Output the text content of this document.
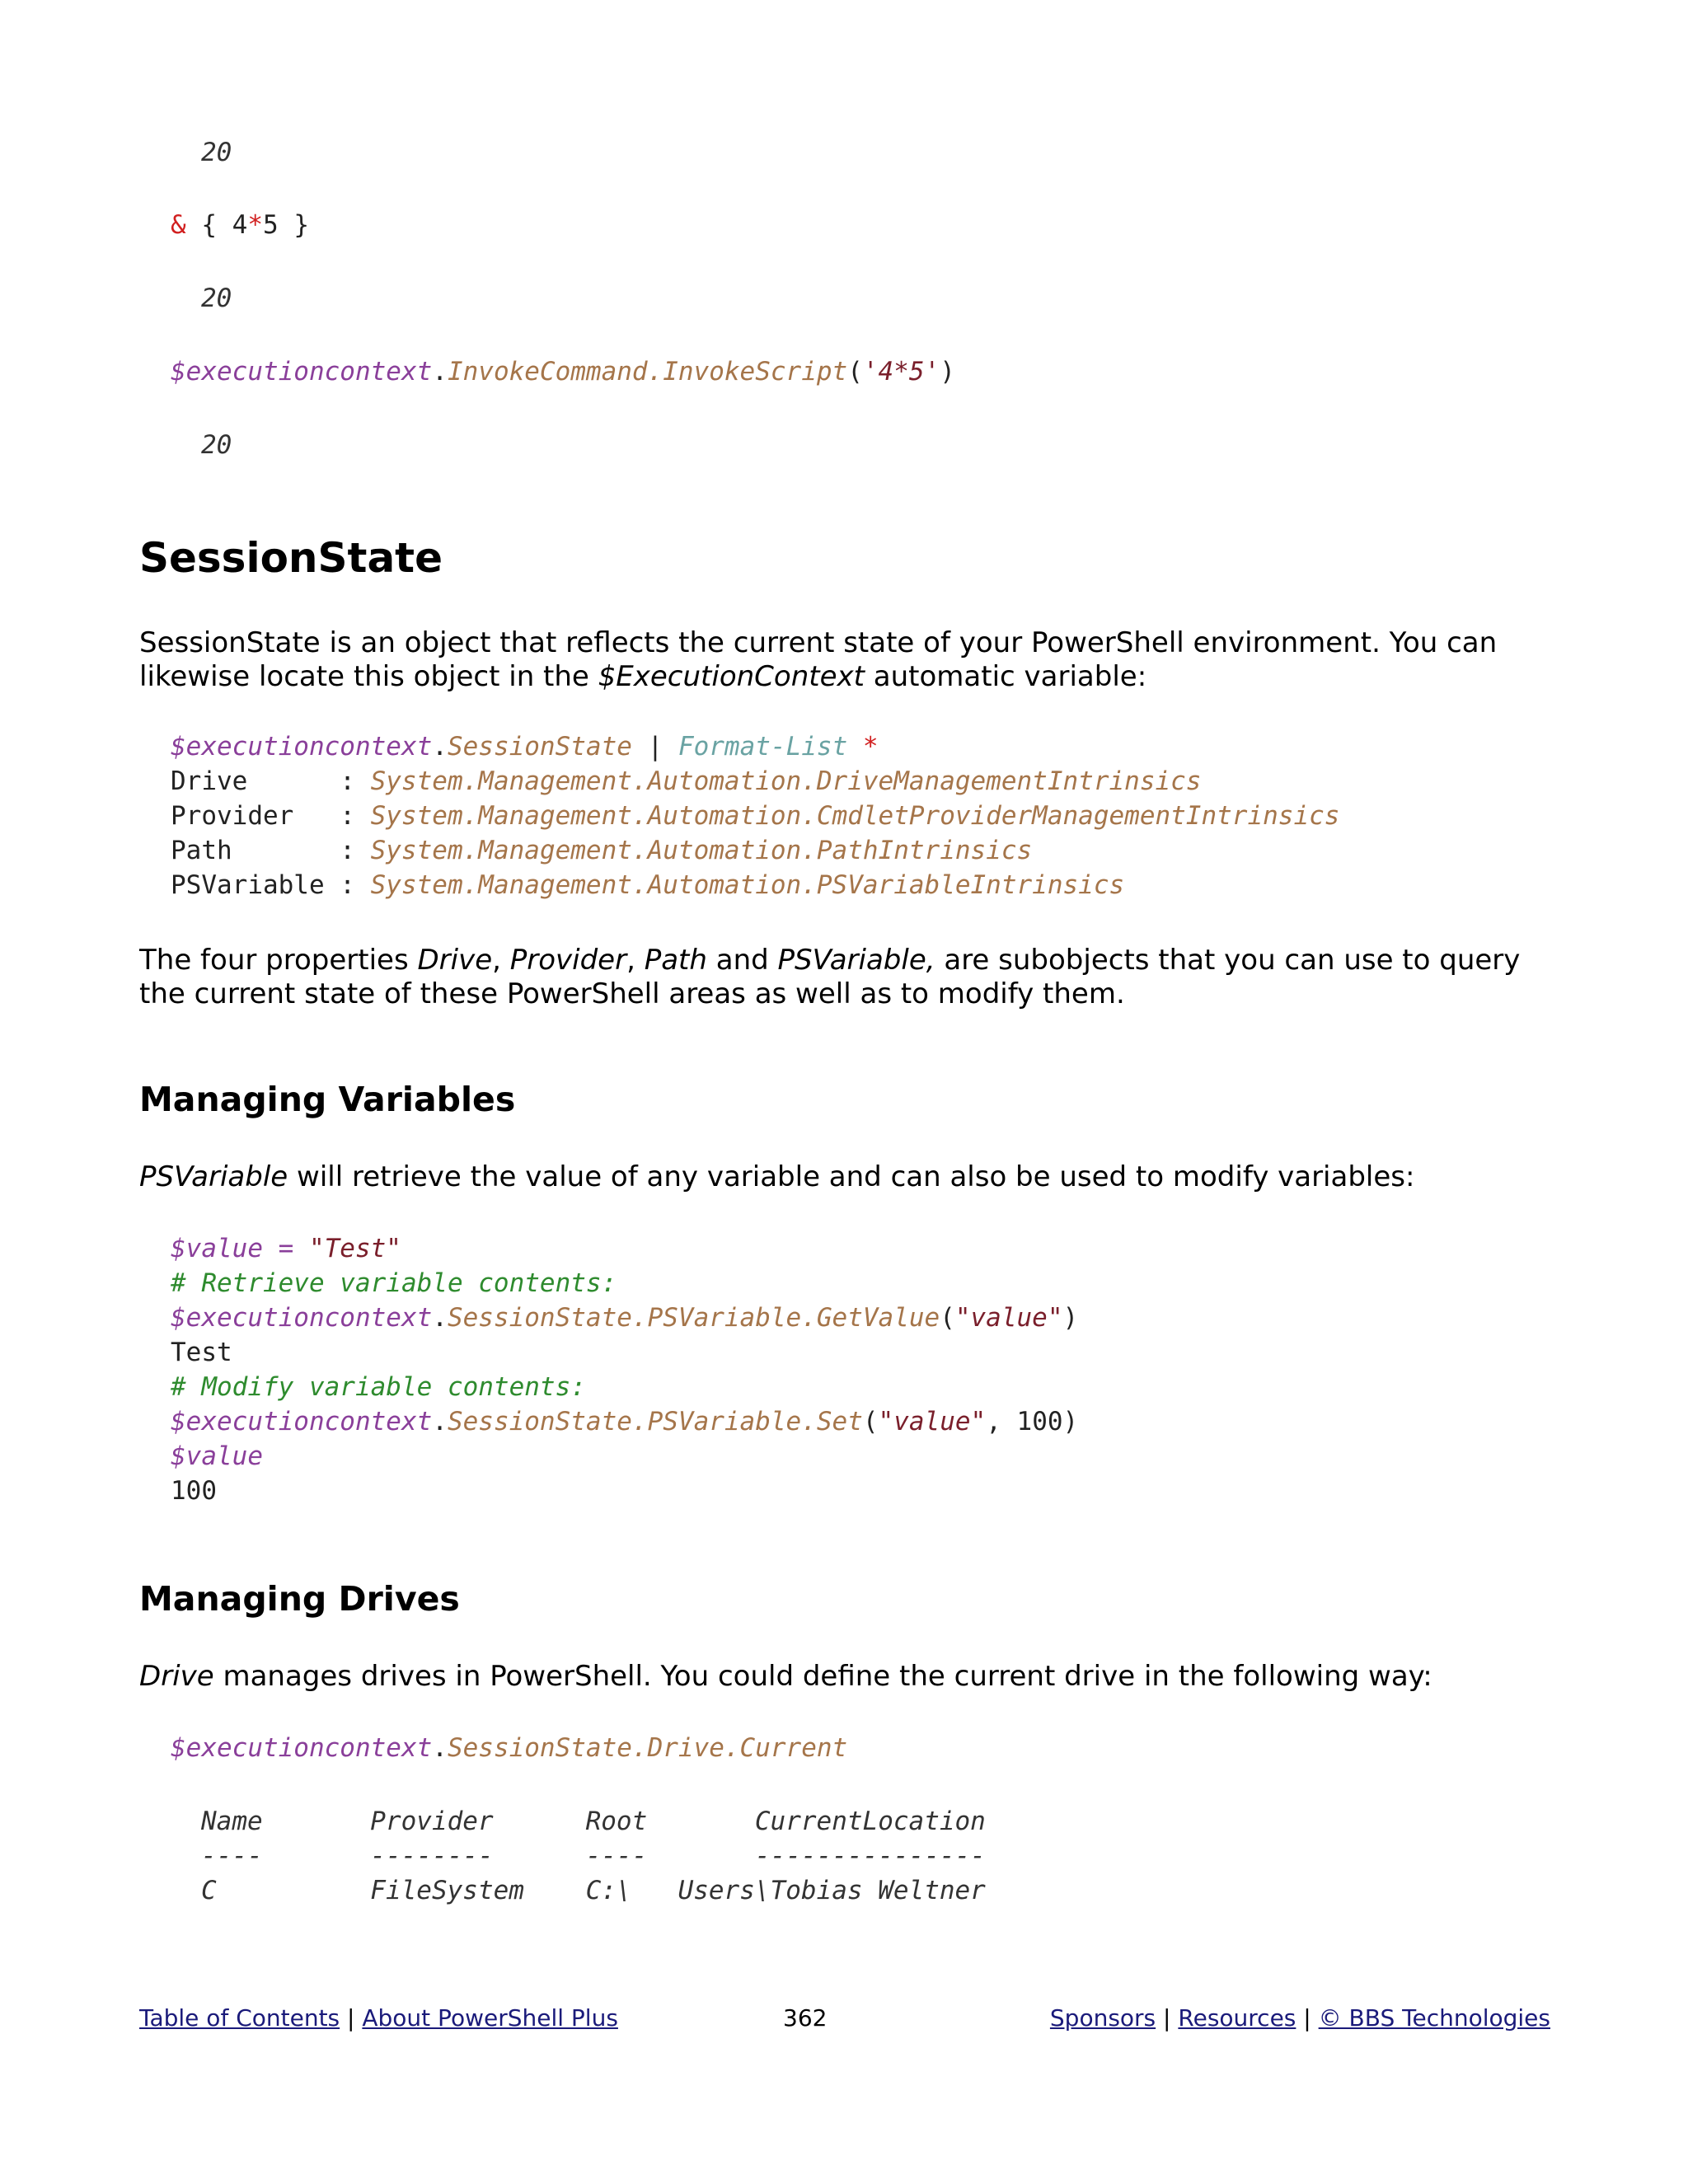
20
& { 4*5 }
20
$executioncontext.InvokeCommand.InvokeScript('4*5')
20
SessionState
SessionState is an object that reflects the current state of your PowerShell environment. You can
likewise locate this object in the $ExecutionContext automatic variable:
$executioncontext.SessionState | Format-List *
Drive      : System.Management.Automation.DriveManagementIntrinsics
Provider   : System.Management.Automation.CmdletProviderManagementIntrinsics
Path       : System.Management.Automation.PathIntrinsics
PSVariable : System.Management.Automation.PSVariableIntrinsics
The four properties Drive, Provider, Path and PSVariable, are subobjects that you can use to query
the current state of these PowerShell areas as well as to modify them.
Managing Variables
PSVariable will retrieve the value of any variable and can also be used to modify variables:
$value = "Test"
# Retrieve variable contents:
$executioncontext.SessionState.PSVariable.GetValue("value")
Test
# Modify variable contents:
$executioncontext.SessionState.PSVariable.Set("value", 100)
$value
100
Managing Drives
Drive manages drives in PowerShell. You could define the current drive in the following way:
$executioncontext.SessionState.Drive.Current
Name       Provider      Root       CurrentLocation
----       --------      ----       ---------------
C          FileSystem    C:\   Users\Tobias Weltner
Table of Contents | About PowerShell Plus	362	Sponsors | Resources | © BBS Technologies
